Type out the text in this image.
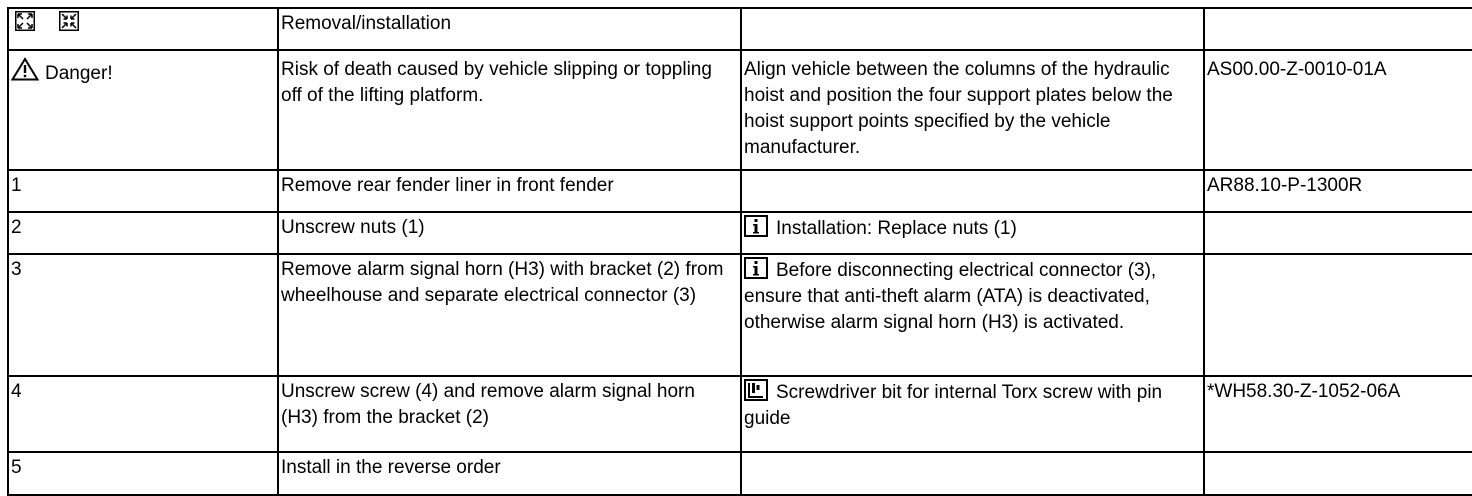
	Removal/installation		
Danger!	Risk of death caused by vehicle slipping or toppling off of the lifting platform.	Align vehicle between the columns of the hydraulic hoist and position the four support plates below the hoist support points specified by the vehicle manufacturer.	AS00.00-Z-0010-01A
1	Remove rear fender liner in front fender		AR88.10-P-1300R
2	Unscrew nuts (1)	Installation: Replace nuts (1)	
3	Remove alarm signal horn (H3) with bracket (2) from wheelhouse and separate electrical connector (3)	Before disconnecting electrical connector (3), ensure that anti-theft alarm (ATA) is deactivated, otherwise alarm signal horn (H3) is activated.	
4	Unscrew screw (4) and remove alarm signal horn (H3) from the bracket (2)	Screwdriver bit for internal Torx screw with pin guide	*WH58.30-Z-1052-06A
5	Install in the reverse order		
